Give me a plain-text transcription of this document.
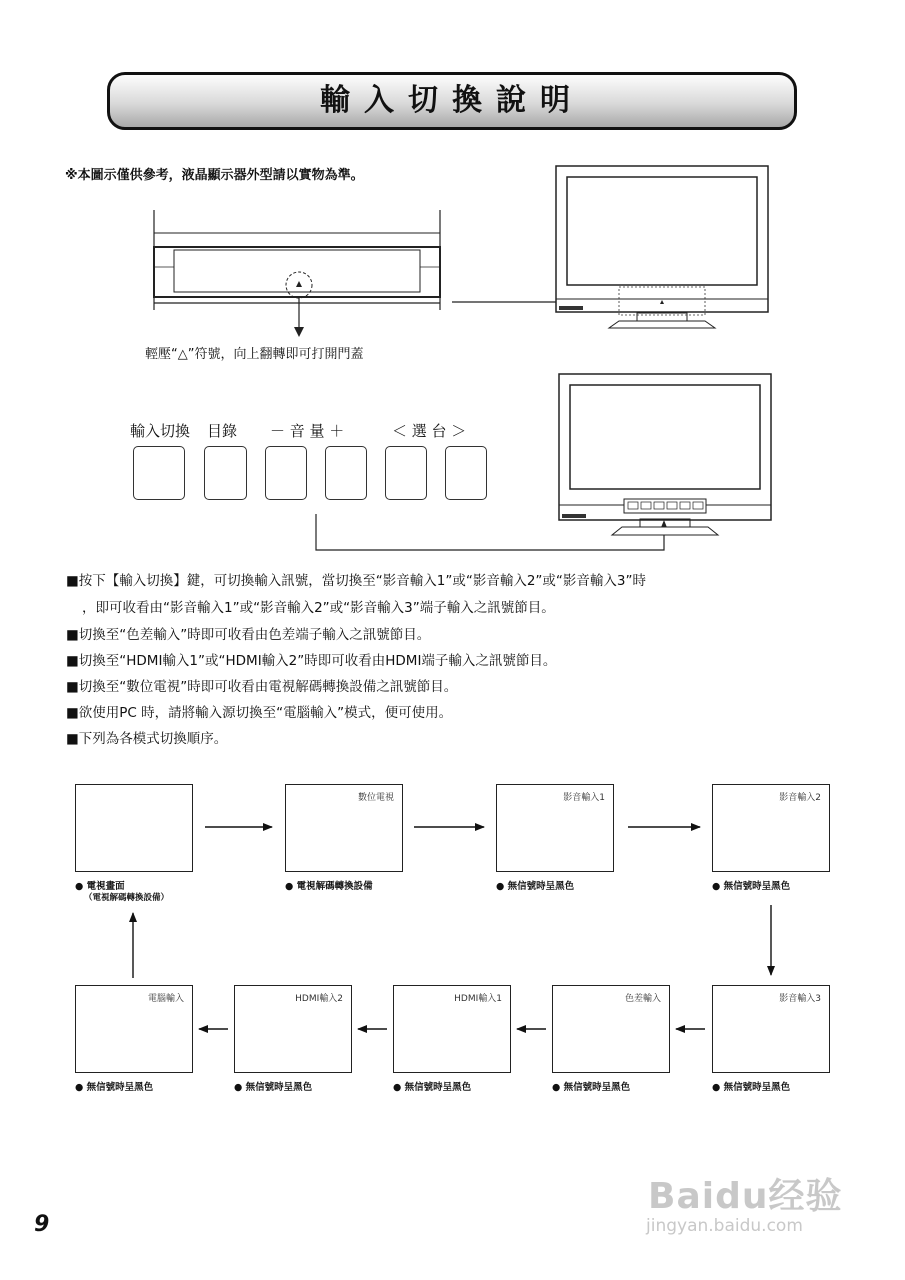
輸入切換說明
※本圖示僅供參考，液晶顯示器外型請以實物為準。
輕壓“△”符號，向上翻轉即可打開門蓋
輸入切換 目錄 － 音 量 ＋	＜ 選 台 ＞
■按下【輸入切換】鍵，可切換輸入訊號，當切換至“影音輸入1”或“影音輸入2”或“影音輸入3”時
，即可收看由“影音輸入1”或“影音輸入2”或“影音輸入3”端子輸入之訊號節目。
■切換至“色差輸入”時即可收看由色差端子輸入之訊號節目。
■切換至“HDMI輸入1”或“HDMI輸入2”時即可收看由HDMI端子輸入之訊號節目。
■切換至“數位電視”時即可收看由電視解碼轉換設備之訊號節目。
■欲使用PC 時，請將輸入源切換至“電腦輸入”模式，便可使用。
■下列為各模式切換順序。
● 電視畫面
（電視解碼轉換設備）
數位電視
● 電視解碼轉換設備
影音輸入1
● 無信號時呈黑色
影音輸入2
● 無信號時呈黑色
電腦輸入
● 無信號時呈黑色
HDMI輸入2
● 無信號時呈黑色
HDMI輸入1
● 無信號時呈黑色
色差輸入
● 無信號時呈黑色
影音輸入3
● 無信號時呈黑色
9
Baidu经验
jingyan.baidu.com
